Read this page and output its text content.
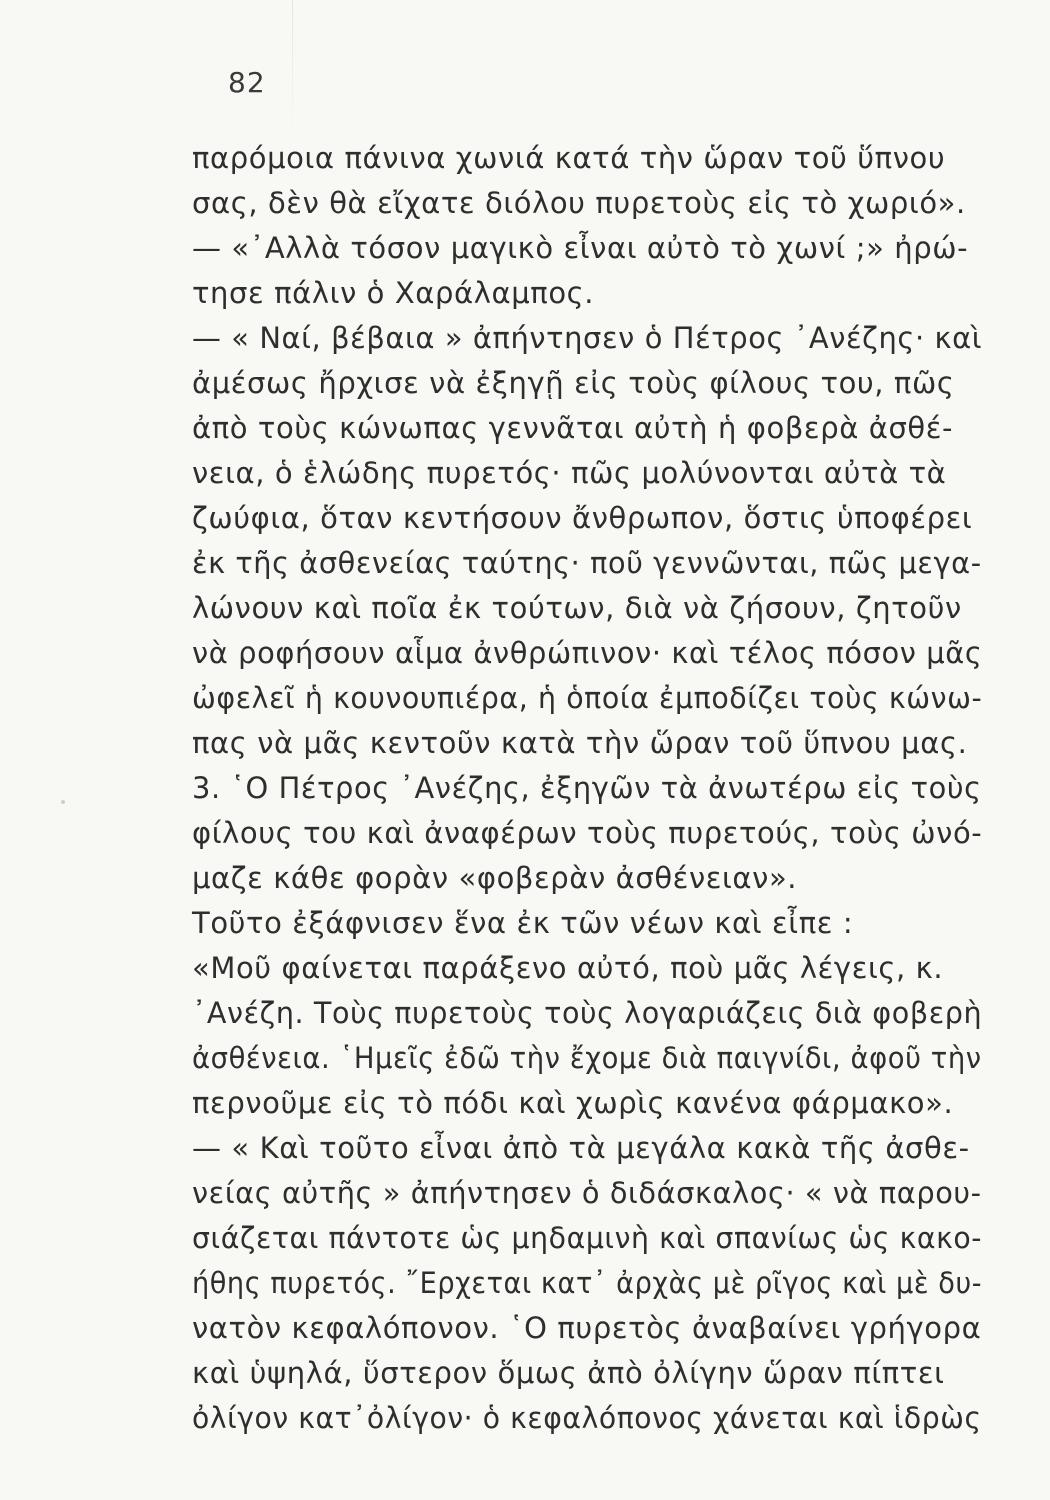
82
παρόμοια πάνινα χωνιά κατά τὴν ὥραν τοῦ ὕπνου
σας, δὲν θὰ εἴχατε διόλου πυρετοὺς εἰς τὸ χωριό».
— «᾿Αλλὰ τόσον μαγικὸ εἶναι αὐτὸ τὸ χωνί ;» ἠρώ-
τησε πάλιν ὁ Χαράλαμπος.
— « Ναί, βέβαια » ἀπήντησεν ὁ Πέτρος ᾿Ανέζης· καὶ
ἀμέσως ἤρχισε νὰ ἐξηγῇ εἰς τοὺς φίλους του, πῶς
ἀπὸ τοὺς κώνωπας γεννᾶται αὐτὴ ἡ φοβερὰ ἀσθέ-
νεια, ὁ ἑλώδης πυρετός· πῶς μολύνονται αὐτὰ τὰ
ζωύφια, ὅταν κεντήσουν ἄνθρωπον, ὅστις ὑποφέρει
ἐκ τῆς ἀσθενείας ταύτης· ποῦ γεννῶνται, πῶς μεγα-
λώνουν καὶ ποῖα ἐκ τούτων, διὰ νὰ ζήσουν, ζητοῦν
νὰ ροφήσουν αἷμα ἀνθρώπινον· καὶ τέλος πόσον μᾶς
ὠφελεῖ ἡ κουνουπιέρα, ἡ ὁποία ἐμποδίζει τοὺς κώνω-
πας νὰ μᾶς κεντοῦν κατὰ τὴν ὥραν τοῦ ὕπνου μας.
3. ῾Ο Πέτρος ᾿Ανέζης, ἐξηγῶν τὰ ἀνωτέρω εἰς τοὺς
φίλους του καὶ ἀναφέρων τοὺς πυρετούς, τοὺς ὠνό-
μαζε κάθε φορὰν «φοβερὰν ἀσθένειαν».
Τοῦτο ἐξάφνισεν ἕνα ἐκ τῶν νέων καὶ εἶπε :
«Μοῦ φαίνεται παράξενο αὐτό, ποὺ μᾶς λέγεις, κ.
᾿Ανέζη. Τοὺς πυρετοὺς τοὺς λογαριάζεις διὰ φοβερὴ
ἀσθένεια. ῾Ημεῖς ἐδῶ τὴν ἔχομε διὰ παιγνίδι, ἀφοῦ τὴν
περνοῦμε εἰς τὸ πόδι καὶ χωρὶς κανένα φάρμακο».
— « Καὶ τοῦτο εἶναι ἀπὸ τὰ μεγάλα κακὰ τῆς ἀσθε-
νείας αὐτῆς » ἀπήντησεν ὁ διδάσκαλος· « νὰ παρου-
σιάζεται πάντοτε ὡς μηδαμινὴ καὶ σπανίως ὡς κακο-
ήθης πυρετός. ῎Ερχεται κατ᾿ ἀρχὰς μὲ ρῖγος καὶ μὲ δυ-
νατὸν κεφαλόπονον. ῾Ο πυρετὸς ἀναβαίνει γρήγορα
καὶ ὑψηλά, ὕστερον ὅμως ἀπὸ ὀλίγην ὥραν πίπτει
ὀλίγον κατ᾿ὀλίγον· ὁ κεφαλόπονος χάνεται καὶ ἱδρὼς
